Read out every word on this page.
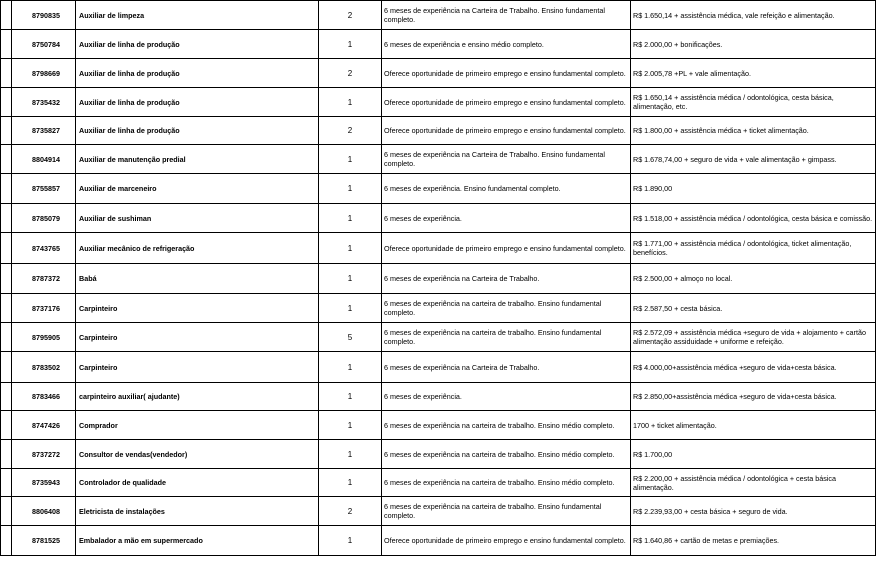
	8790835	Auxiliar de limpeza	2	6 meses de experiência na Carteira de Trabalho. Ensino fundamental completo.	R$ 1.650,14 + assistência médica, vale refeição e alimentação.
	8750784	Auxiliar de linha de produção	1	6 meses de experiência e ensino médio completo.	R$ 2.000,00 + bonificações.
	8798669	Auxiliar de linha de produção	2	Oferece oportunidade de primeiro emprego e ensino fundamental completo.	R$ 2.005,78 +PL + vale alimentação.
	8735432	Auxiliar de linha de produção	1	Oferece oportunidade de primeiro emprego e ensino fundamental completo.	R$ 1.650,14 + assistência médica / odontológica, cesta básica, alimentação, etc.
	8735827	Auxiliar de linha de produção	2	Oferece oportunidade de primeiro emprego e ensino fundamental completo.	R$ 1.800,00 + assistência médica + ticket alimentação.
	8804914	Auxiliar de manutenção predial	1	6 meses de experiência na Carteira de Trabalho. Ensino fundamental completo.	R$ 1.678,74,00 + seguro de vida + vale alimentação + gimpass.
	8755857	Auxiliar de marceneiro	1	6 meses de experiência. Ensino fundamental completo.	R$ 1.890,00
	8785079	Auxiliar de sushiman	1	6 meses de experiência.	R$ 1.518,00 + assistência médica / odontológica, cesta básica e comissão.
	8743765	Auxiliar mecânico de refrigeração	1	Oferece oportunidade de primeiro emprego e ensino fundamental completo.	R$ 1.771,00 + assistência médica / odontológica, ticket alimentação, benefícios.
	8787372	Babá	1	6 meses de experiência na Carteira de Trabalho.	R$ 2.500,00 + almoço no local.
	8737176	Carpinteiro	1	6 meses de experiência na carteira de trabalho. Ensino fundamental completo.	R$ 2.587,50 + cesta básica.
	8795905	Carpinteiro	5	6 meses de experiência na carteira de trabalho. Ensino fundamental completo.	R$ 2.572,09 + assistência médica +seguro de vida + alojamento + cartão alimentação assiduidade + uniforme e refeição.
	8783502	Carpinteiro	1	6 meses de experiência na Carteira de Trabalho.	R$ 4.000,00+assistência médica +seguro de vida+cesta básica.
	8783466	carpinteiro auxiliar( ajudante)	1	6 meses de experiência.	R$ 2.850,00+assistência médica +seguro de vida+cesta básica.
	8747426	Comprador	1	6 meses de experiência na carteira de trabalho. Ensino médio completo.	1700 + ticket alimentação.
	8737272	Consultor de vendas(vendedor)	1	6 meses de experiência na carteira de trabalho. Ensino médio completo.	R$ 1.700,00
	8735943	Controlador de qualidade	1	6 meses de experiência na carteira de trabalho. Ensino médio completo.	R$ 2.200,00 + assistência médica / odontológica + cesta básica alimentação.
	8806408	Eletricista de instalações	2	6 meses de experiência na carteira de trabalho. Ensino fundamental completo.	R$ 2.239,93,00 + cesta básica + seguro de vida.
	8781525	Embalador a mão em supermercado	1	Oferece oportunidade de primeiro emprego e ensino fundamental completo.	R$ 1.640,86 + cartão de metas e premiações.
